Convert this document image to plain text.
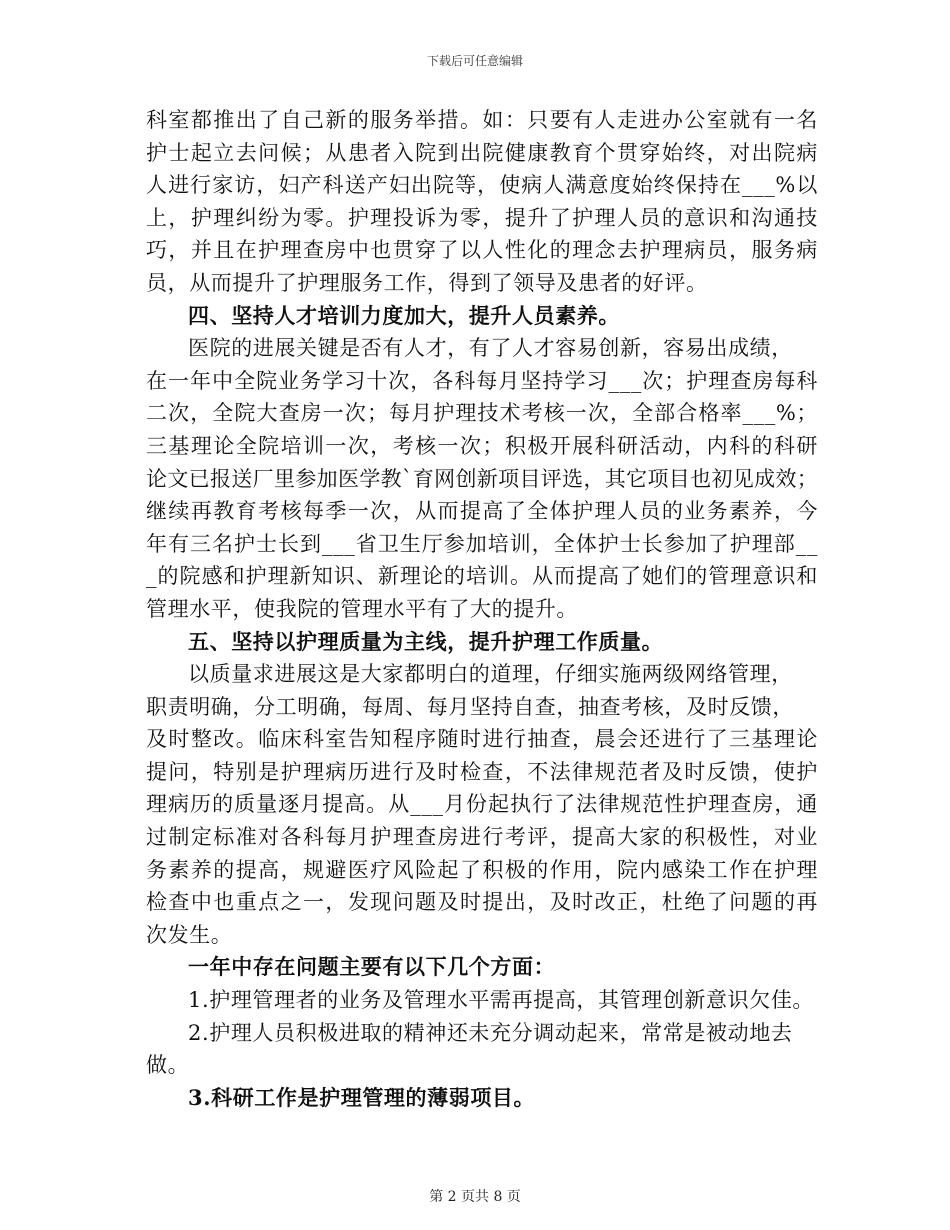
下载后可任意编辑
科室都推出了自己新的服务举措。如：只要有人走进办公室就有一名
护士起立去问候；从患者入院到出院健康教育个贯穿始终，对出院病
人进行家访，妇产科送产妇出院等，使病人满意度始终保持在___%以
上，护理纠纷为零。护理投诉为零，提升了护理人员的意识和沟通技
巧，并且在护理查房中也贯穿了以人性化的理念去护理病员，服务病
员，从而提升了护理服务工作，得到了领导及患者的好评。
四、坚持人才培训力度加大，提升人员素养。
医院的进展关键是否有人才，有了人才容易创新，容易出成绩，
在一年中全院业务学习十次，各科每月坚持学习___次；护理查房每科
二次，全院大查房一次；每月护理技术考核一次，全部合格率___%；
三基理论全院培训一次，考核一次；积极开展科研活动，内科的科研
论文已报送厂里参加医学教`育网创新项目评选，其它项目也初见成效；
继续再教育考核每季一次，从而提高了全体护理人员的业务素养，今
年有三名护士长到___省卫生厅参加培训，全体护士长参加了护理部__
_的院感和护理新知识、新理论的培训。从而提高了她们的管理意识和
管理水平，使我院的管理水平有了大的提升。
五、坚持以护理质量为主线，提升护理工作质量。
以质量求进展这是大家都明白的道理，仔细实施两级网络管理，
职责明确，分工明确，每周、每月坚持自查，抽查考核，及时反馈，
及时整改。临床科室告知程序随时进行抽查，晨会还进行了三基理论
提问，特别是护理病历进行及时检查，不法律规范者及时反馈，使护
理病历的质量逐月提高。从___月份起执行了法律规范性护理查房，通
过制定标准对各科每月护理查房进行考评，提高大家的积极性，对业
务素养的提高，规避医疗风险起了积极的作用，院内感染工作在护理
检查中也重点之一，发现问题及时提出，及时改正，杜绝了问题的再
次发生。
一年中存在问题主要有以下几个方面：
1.护理管理者的业务及管理水平需再提高，其管理创新意识欠佳。
2.护理人员积极进取的精神还未充分调动起来，常常是被动地去
做。
3.科研工作是护理管理的薄弱项目。
第 2 页共 8 页
